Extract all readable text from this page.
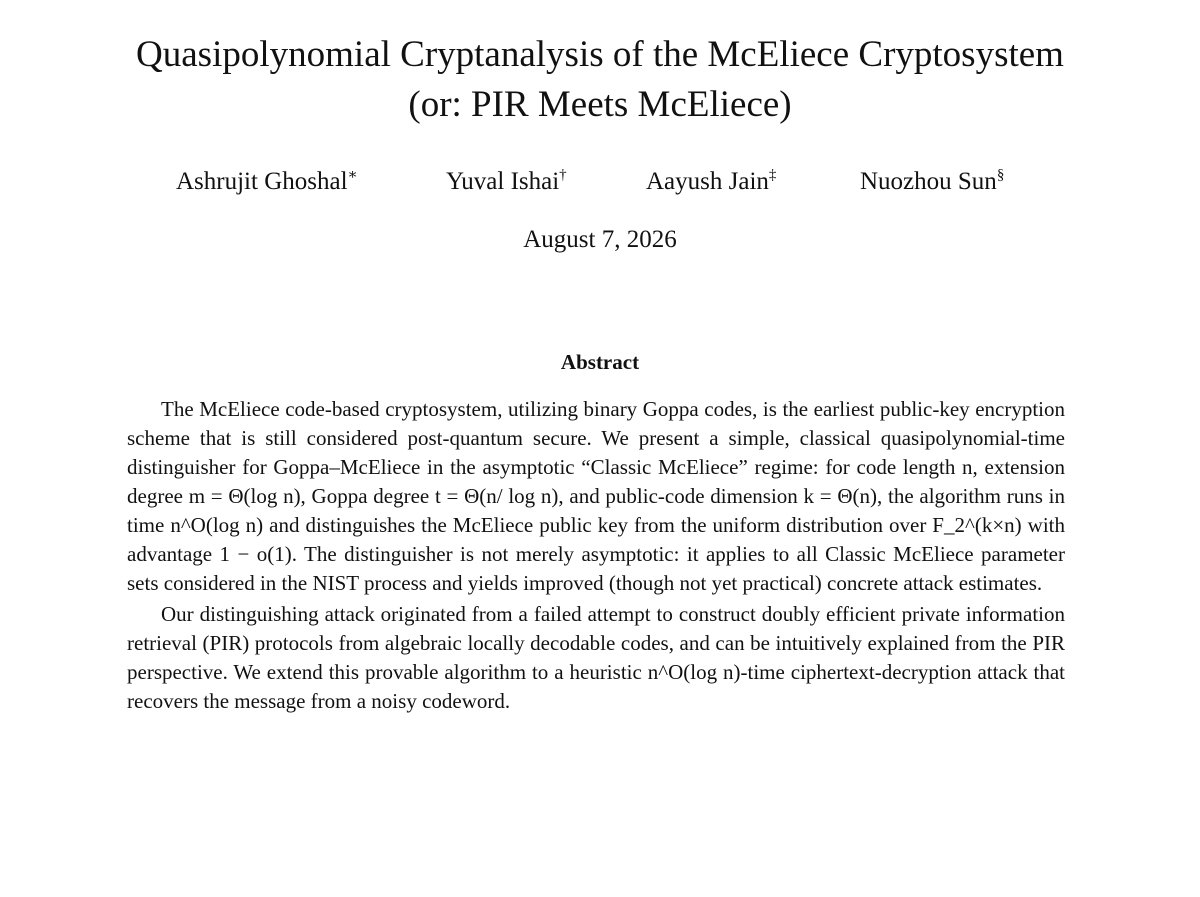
Quasipolynomial Cryptanalysis of the McEliece Cryptosystem
(or: PIR Meets McEliece)
Ashrujit Ghoshal∗	Yuval Ishai†	Aayush Jain‡	Nuozhou Sun§
August 7, 2026
Abstract

The McEliece code-based cryptosystem, utilizing binary Goppa codes, is the earliest public-key encryption scheme that is still considered post-quantum secure. We present a simple, classical quasipolynomial-time distinguisher for Goppa–McEliece in the asymptotic “Classic McEliece” regime: for code length n, extension degree m = Θ(log n), Goppa degree t = Θ(n/ log n), and public-code dimension k = Θ(n), the algorithm runs in time n^O(log n) and distinguishes the McEliece public key from the uniform distribution over F_2^(k×n) with advantage 1 − o(1). The distinguisher is not merely asymptotic: it applies to all Classic McEliece parameter sets considered in the NIST process and yields improved (though not yet practical) concrete attack estimates.

Our distinguishing attack originated from a failed attempt to construct doubly efficient private information retrieval (PIR) protocols from algebraic locally decodable codes, and can be intuitively explained from the PIR perspective. We extend this provable algorithm to a heuristic n^O(log n)-time ciphertext-decryption attack that recovers the message from a noisy codeword.
